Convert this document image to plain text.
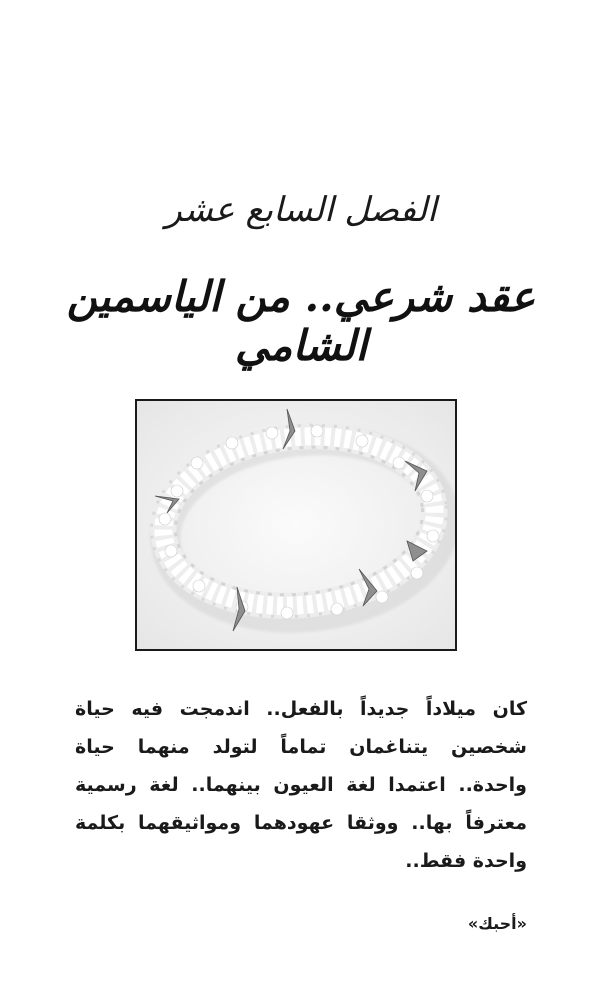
الفصل السابع عشر
عقد شرعي.. من الياسمين الشامي
كان ميلاداً جديداً بالفعل.. اندمجت فيه حياة
شخصين يتناغمان تماماً لتولد منهما حياة
واحدة.. اعتمدا لغة العيون بينهما.. لغة رسمية
معترفاً بها.. ووثقا عهودهما ومواثيقهما بكلمة
واحدة فقط..
«أحبك»
